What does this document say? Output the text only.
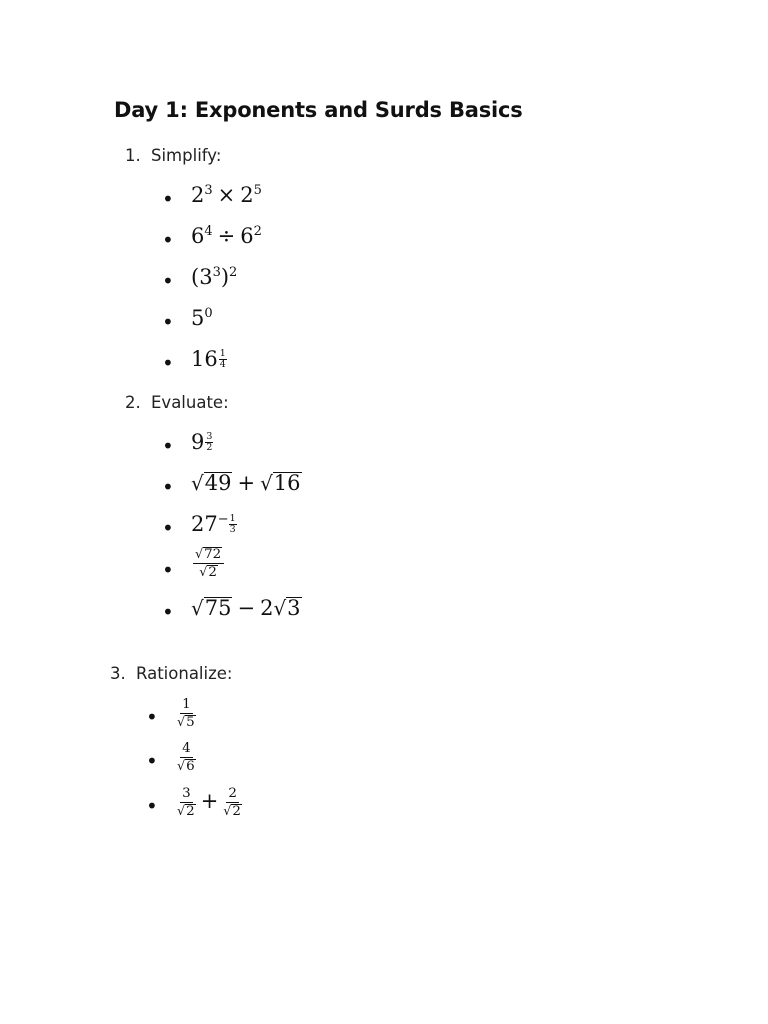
Day 1: Exponents and Surds Basics
1. Simplify:
• $2^3 \times 2^5$
• $6^4 \div 6^2$
• $(3^3)^2$
• $5^0$
• $16 \frac{1}{4}$
2. Evaluate:
• $9 \frac{3}{2}$
• √49 + √16
• $27^- \frac{1}{3}$
• $\frac{√72}{√2}$
• √75 − 2√3
3. Rationalize:
• $\frac{1}{√5}$
• $\frac{4}{√6}$
• $\frac{3}{√2} + \frac{2}{√2}$
